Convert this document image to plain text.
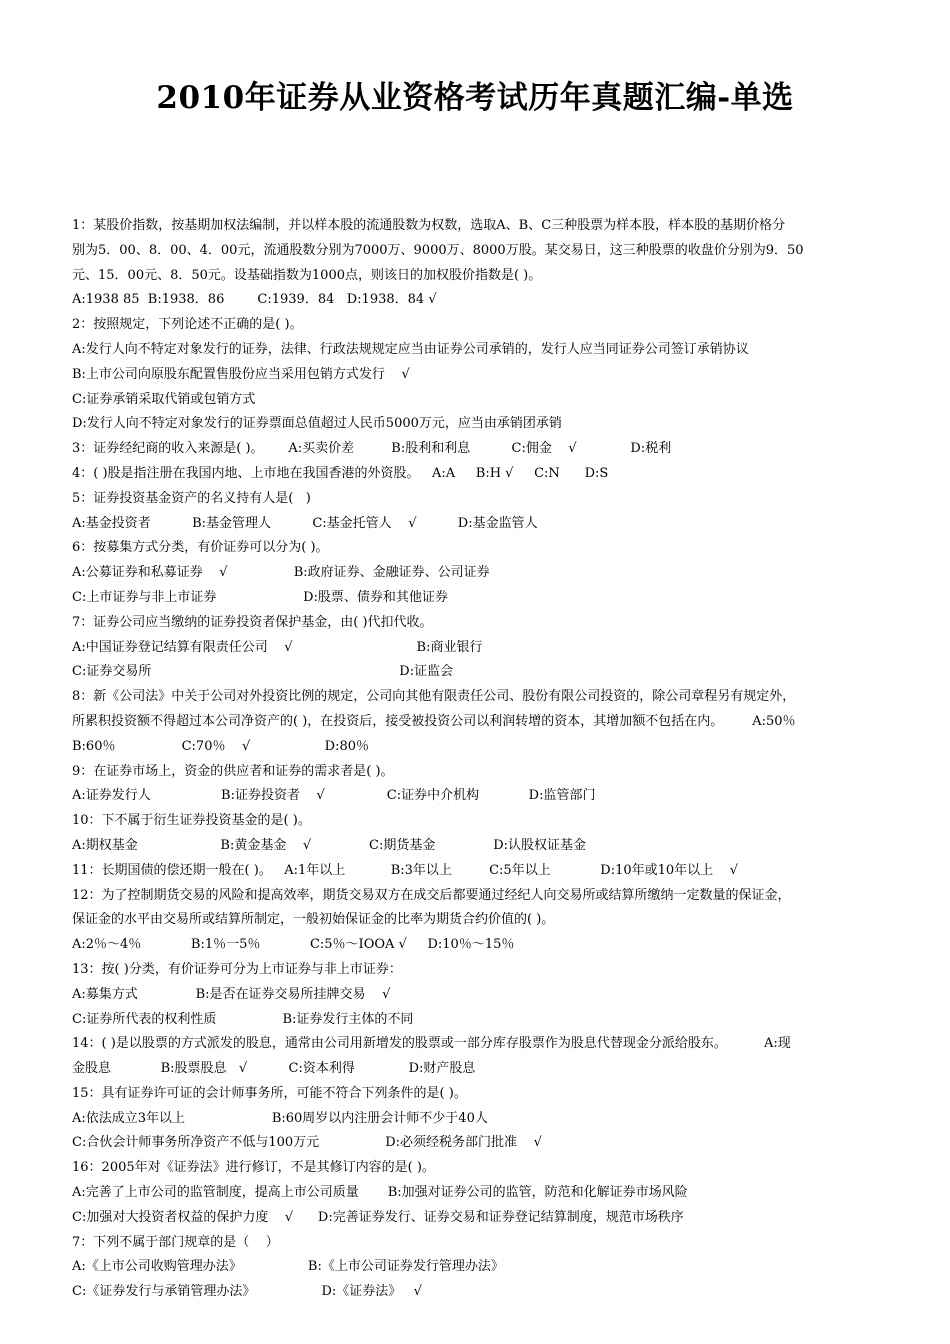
2010年证券从业资格考试历年真题汇编-单选
1：某股价指数，按基期加权法编制，并以样本股的流通股数为权数，选取A、B、C三种股票为样本股，样本股的基期价格分
别为5．00、8．00、4．00元，流通股数分别为7000万、9000万、8000万股。某交易日，这三种股票的收盘价分别为9．50
元、15．00元、8．50元。设基础指数为1000点，则该日的加权股价指数是( )。
A:1938 85  B:1938．86        C:1939．84   D:1938．84 √
2：按照规定，下列论述不正确的是( )。
A:发行人向不特定对象发行的证券，法律、行政法规规定应当由证券公司承销的，发行人应当同证券公司签订承销协议
B:上市公司向原股东配置售股份应当采用包销方式发行    √
C:证券承销采取代销或包销方式
D:发行人向不特定对象发行的证券票面总值超过人民币5000万元，应当由承销团承销
3：证券经纪商的收入来源是( )。      A:买卖价差         B:股利和利息          C:佣金    √             D:税利
4：( )股是指注册在我国内地、上市地在我国香港的外资股。   A:A     B:H √     C:N      D:S
5：证券投资基金资产的名义持有人是(   )
A:基金投资者          B:基金管理人          C:基金托管人    √          D:基金监管人
6：按募集方式分类，有价证券可以分为( )。
A:公募证券和私募证券    √                B:政府证券、金融证券、公司证券
C:上市证券与非上市证券                     D:股票、债券和其他证券
7：证券公司应当缴纳的证券投资者保护基金，由( )代扣代收。
A:中国证券登记结算有限责任公司    √                              B:商业银行
C:证券交易所                                                            D:证监会
8：新《公司法》中关于公司对外投资比例的规定，公司向其他有限责任公司、股份有限公司投资的，除公司章程另有规定外，
所累积投资额不得超过本公司净资产的( )，在投资后，接受被投资公司以利润转增的资本，其增加额不包括在内。       A:50％
B:60％                C:70％    √                  D:80％
9：在证券市场上，资金的供应者和证券的需求者是( )。
A:证券发行人                 B:证券投资者    √               C:证券中介机构            D:监管部门
10：下不属于衍生证券投资基金的是( )。
A:期权基金                    B:黄金基金    √              C:期货基金              D:认股权证基金
11：长期国债的偿还期一般在( )。   A:1年以上           B:3年以上         C:5年以上            D:10年或10年以上    √
12：为了控制期货交易的风险和提高效率，期货交易双方在成交后都要通过经纪人向交易所或结算所缴纳一定数量的保证金，
保证金的水平由交易所或结算所制定，一般初始保证金的比率为期货合约价值的( )。
A:2％～4％            B:1％一5％            C:5％～IOOA √     D:10％～15％
13：按( )分类，有价证券可分为上市证券与非上市证券：
A:募集方式              B:是否在证券交易所挂牌交易    √
C:证券所代表的权利性质                B:证券发行主体的不同
14：( )是以股票的方式派发的股息，通常由公司用新增发的股票或一部分库存股票作为股息代替现金分派给股东。         A:现
金股息            B:股票股息   √          C:资本利得             D:财产股息
15：具有证券许可证的会计师事务所，可能不符合下列条件的是( )。
A:依法成立3年以上                     B:60周岁以内注册会计师不少于40人
C:合伙会计师事务所净资产不低与100万元                D:必须经税务部门批准    √
16：2005年对《证券法》进行修订，不是其修订内容的是( )。
A:完善了上市公司的监管制度，提高上市公司质量       B:加强对证券公司的监管，防范和化解证券市场风险
C:加强对大投资者权益的保护力度    √      D:完善证券发行、证券交易和证券登记结算制度，规范市场秩序
7：下列不属于部门规章的是（    ）
A:《上市公司收购管理办法》                B:《上市公司证券发行管理办法》
C:《证券发行与承销管理办法》                D:《证券法》   √
